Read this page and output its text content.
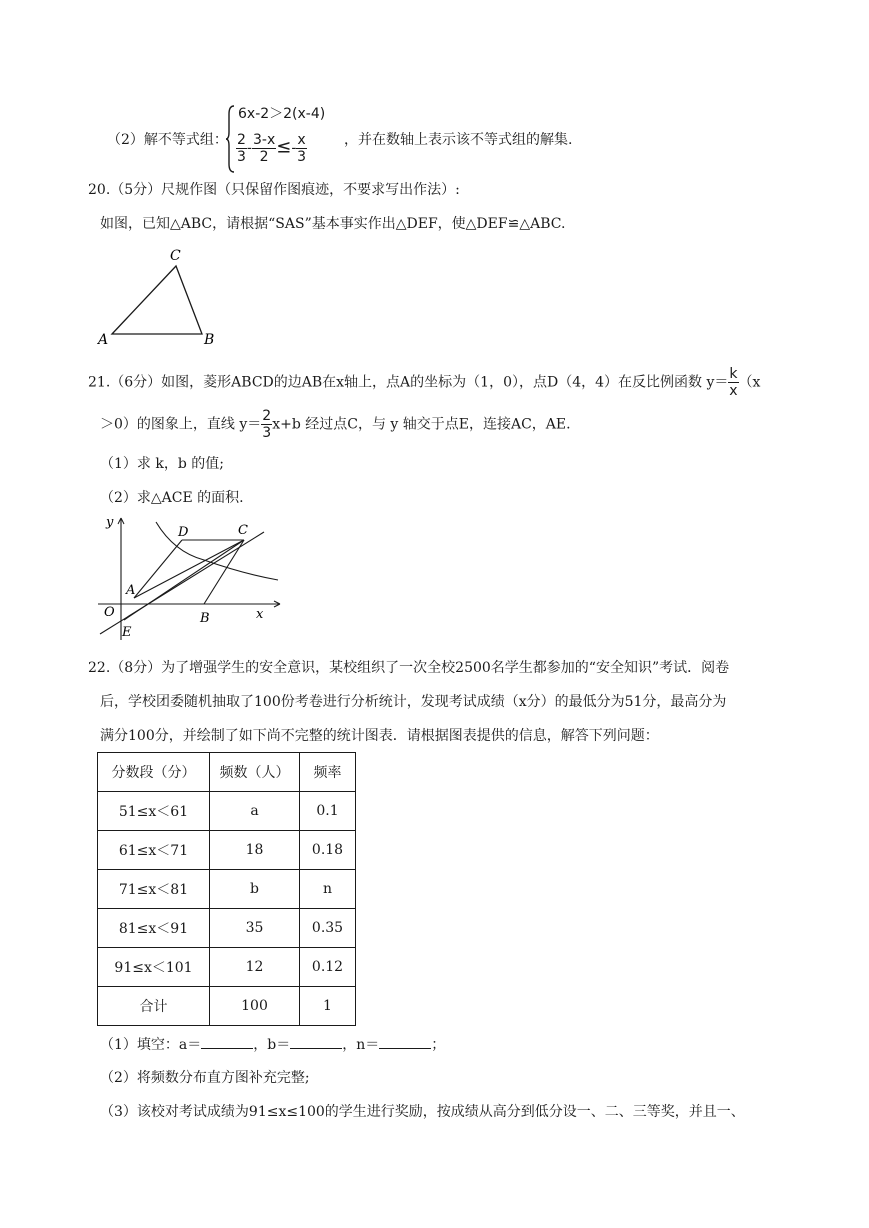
（2）解不等式组：
6x-2＞2(x-4)
$\frac{2}{3} - \frac{3-x}{2} \le- \frac{x}{3}$	，并在数轴上表示该不等式组的解集.
20.（5分）尺规作图（只保留作图痕迹，不要求写出作法）:
如图，已知△ABC，请根据“SAS”基本事实作出△DEF，使△DEF≌△ABC.
A	B
C
21.（6分）如图，菱形ABCD的边AB在x轴上，点A的坐标为（1，0），点D（4，4）在反比例函数 $y= \frac{k}{x} (x$
＞0）的图象上，直线 $y= \frac{2}{3} x+b$ 经过点C，与 y 轴交于点E，连接AC，AE.
（1）求 k，b 的值;
（2）求△ACE 的面积.
y
x
O
A
B
C
D
E
22.（8分）为了增强学生的安全意识，某校组织了一次全校2500名学生都参加的“安全知识”考试．阅卷
后，学校团委随机抽取了100份考卷进行分析统计，发现考试成绩（x分）的最低分为51分，最高分为
满分100分，并绘制了如下尚不完整的统计图表．请根据图表提供的信息，解答下列问题：
分数段（分）	频数（人）	频率
51≤x＜61	a	0.1
61≤x＜71	18	0.18
71≤x＜81	b	n
81≤x＜91	35	0.35
91≤x＜101	12	0.12
合计	100	1
（1）填空：a＝	，b＝	，n＝	；
（2）将频数分布直方图补充完整;
（3）该校对考试成绩为91≤x≤100的学生进行奖励，按成绩从高分到低分设一、二、三等奖，并且一、
